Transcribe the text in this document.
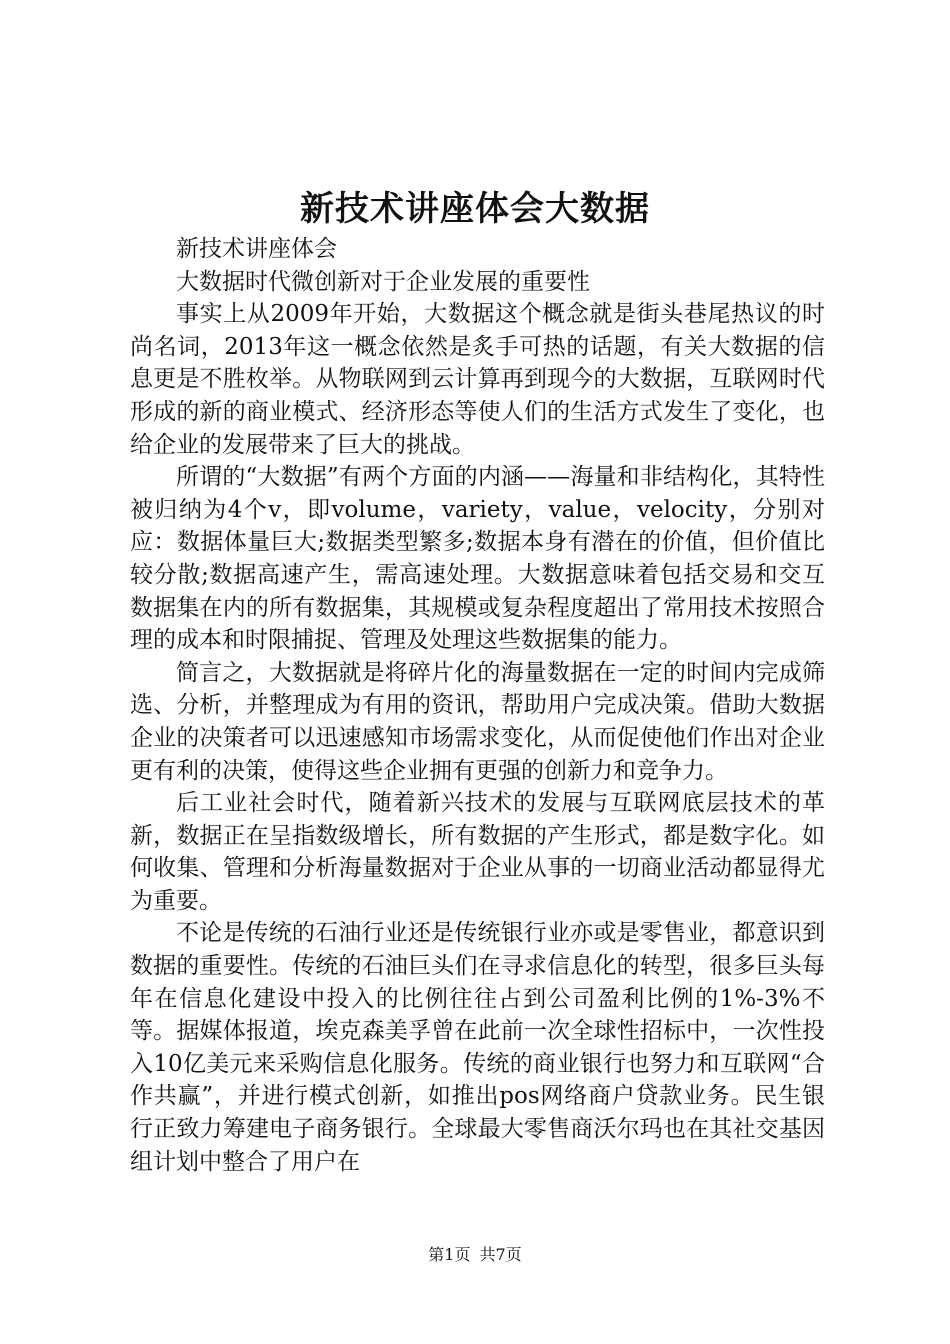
新技术讲座体会大数据

新技术讲座体会

大数据时代微创新对于企业发展的重要性

事实上从2009年开始，大数据这个概念就是街头巷尾热议的时尚名词，2013年这一概念依然是炙手可热的话题，有关大数据的信息更是不胜枚举。从物联网到云计算再到现今的大数据，互联网时代形成的新的商业模式、经济形态等使人们的生活方式发生了变化，也给企业的发展带来了巨大的挑战。

所谓的“大数据”有两个方面的内涵——海量和非结构化，其特性被归纳为4个v，即volume，variety，value，velocity，分别对应：数据体量巨大;数据类型繁多;数据本身有潜在的价值，但价值比较分散;数据高速产生，需高速处理。大数据意味着包括交易和交互数据集在内的所有数据集，其规模或复杂程度超出了常用技术按照合理的成本和时限捕捉、管理及处理这些数据集的能力。

简言之，大数据就是将碎片化的海量数据在一定的时间内完成筛选、分析，并整理成为有用的资讯，帮助用户完成决策。借助大数据企业的决策者可以迅速感知市场需求变化，从而促使他们作出对企业更有利的决策，使得这些企业拥有更强的创新力和竞争力。

后工业社会时代，随着新兴技术的发展与互联网底层技术的革新，数据正在呈指数级增长，所有数据的产生形式，都是数字化。如何收集、管理和分析海量数据对于企业从事的一切商业活动都显得尤为重要。

不论是传统的石油行业还是传统银行业亦或是零售业，都意识到数据的重要性。传统的石油巨头们在寻求信息化的转型，很多巨头每年在信息化建设中投入的比例往往占到公司盈利比例的1%-3%不等。据媒体报道，埃克森美孚曾在此前一次全球性招标中，一次性投入10亿美元来采购信息化服务。传统的商业银行也努力和互联网“合作共赢”，并进行模式创新，如推出pos网络商户贷款业务。民生银行正致力筹建电子商务银行。全球最大零售商沃尔玛也在其社交基因组计划中整合了用户在

第1页 共7页
